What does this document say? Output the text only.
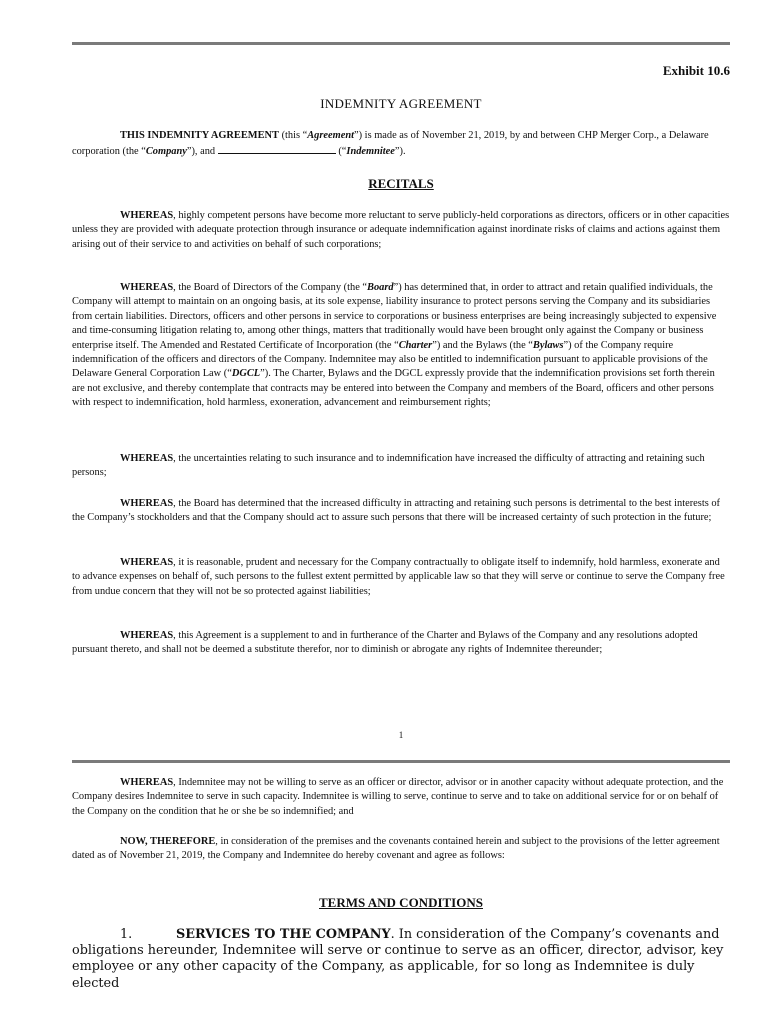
Exhibit 10.6
INDEMNITY AGREEMENT

THIS INDEMNITY AGREEMENT (this “Agreement”) is made as of November 21, 2019, by and between CHP Merger Corp., a Delaware corporation (the “Company”), and	(“Indemnitee”).

RECITALS

WHEREAS, highly competent persons have become more reluctant to serve publicly-held corporations as directors, officers or in other capacities unless they are provided with adequate protection through insurance or adequate indemnification against inordinate risks of claims and actions against them arising out of their service to and activities on behalf of such corporations;

WHEREAS, the Board of Directors of the Company (the “Board”) has determined that, in order to attract and retain qualified individuals, the Company will attempt to maintain on an ongoing basis, at its sole expense, liability insurance to protect persons serving the Company and its subsidiaries from certain liabilities. Directors, officers and other persons in service to corporations or business enterprises are being increasingly subjected to expensive and time-consuming litigation relating to, among other things, matters that traditionally would have been brought only against the Company or business enterprise itself. The Amended and Restated Certificate of Incorporation (the “Charter”) and the Bylaws (the “Bylaws”) of the Company require indemnification of the officers and directors of the Company. Indemnitee may also be entitled to indemnification pursuant to applicable provisions of the Delaware General Corporation Law (“DGCL”). The Charter, Bylaws and the DGCL expressly provide that the indemnification provisions set forth therein are not exclusive, and thereby contemplate that contracts may be entered into between the Company and members of the Board, officers and other persons with respect to indemnification, hold harmless, exoneration, advancement and reimbursement rights;

WHEREAS, the uncertainties relating to such insurance and to indemnification have increased the difficulty of attracting and retaining such persons;

WHEREAS, the Board has determined that the increased difficulty in attracting and retaining such persons is detrimental to the best interests of the Company’s stockholders and that the Company should act to assure such persons that there will be increased certainty of such protection in the future;

WHEREAS, it is reasonable, prudent and necessary for the Company contractually to obligate itself to indemnify, hold harmless, exonerate and to advance expenses on behalf of, such persons to the fullest extent permitted by applicable law so that they will serve or continue to serve the Company free from undue concern that they will not be so protected against liabilities;

WHEREAS, this Agreement is a supplement to and in furtherance of the Charter and Bylaws of the Company and any resolutions adopted pursuant thereto, and shall not be deemed a substitute therefor, nor to diminish or abrogate any rights of Indemnitee thereunder;

1

WHEREAS, Indemnitee may not be willing to serve as an officer or director, advisor or in another capacity without adequate protection, and the Company desires Indemnitee to serve in such capacity. Indemnitee is willing to serve, continue to serve and to take on additional service for or on behalf of the Company on the condition that he or she be so indemnified; and

NOW, THEREFORE, in consideration of the premises and the covenants contained herein and subject to the provisions of the letter agreement dated as of November 21, 2019, the Company and Indemnitee do hereby covenant and agree as follows:

TERMS AND CONDITIONS

1.	SERVICES TO THE COMPANY. In consideration of the Company’s covenants and obligations hereunder, Indemnitee will serve or continue to serve as an officer, director, advisor, key employee or any other capacity of the Company, as applicable, for so long as Indemnitee is duly elected
